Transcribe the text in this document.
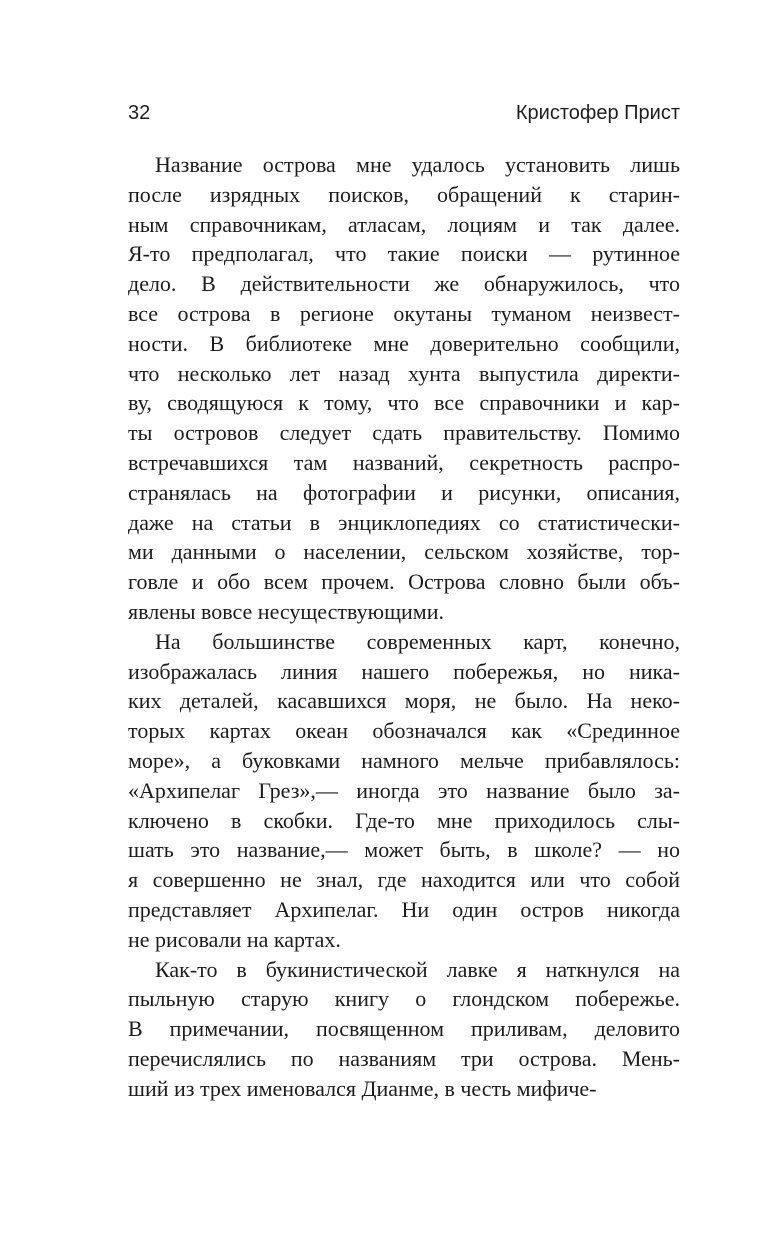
32	Кристофер Прист
Название острова мне удалось установить лишь
после изрядных поисков, обращений к старин-
ным справочникам, атласам, лоциям и так далее.
Я-то предполагал, что такие поиски — рутинное
дело. В действительности же обнаружилось, что
все острова в регионе окутаны туманом неизвест-
ности. В библиотеке мне доверительно сообщили,
что несколько лет назад хунта выпустила директи-
ву, сводящуюся к тому, что все справочники и кар-
ты островов следует сдать правительству. Помимо
встречавшихся там названий, секретность распро-
странялась на фотографии и рисунки, описания,
даже на статьи в энциклопедиях со статистически-
ми данными о населении, сельском хозяйстве, тор-
говле и обо всем прочем. Острова словно были объ-
явлены вовсе несуществующими.
На большинстве современных карт, конечно,
изображалась линия нашего побережья, но ника-
ких деталей, касавшихся моря, не было. На неко-
торых картах океан обозначался как «Срединное
море», а буковками намного мельче прибавлялось:
«Архипелаг Грез»,— иногда это название было за-
ключено в скобки. Где-то мне приходилось слы-
шать это название,— может быть, в школе? — но
я совершенно не знал, где находится или что собой
представляет Архипелаг. Ни один остров никогда
не рисовали на картах.
Как-то в букинистической лавке я наткнулся на
пыльную старую книгу о глондском побережье.
В примечании, посвященном приливам, деловито
перечислялись по названиям три острова. Мень-
ший из трех именовался Дианме, в честь мифиче-
